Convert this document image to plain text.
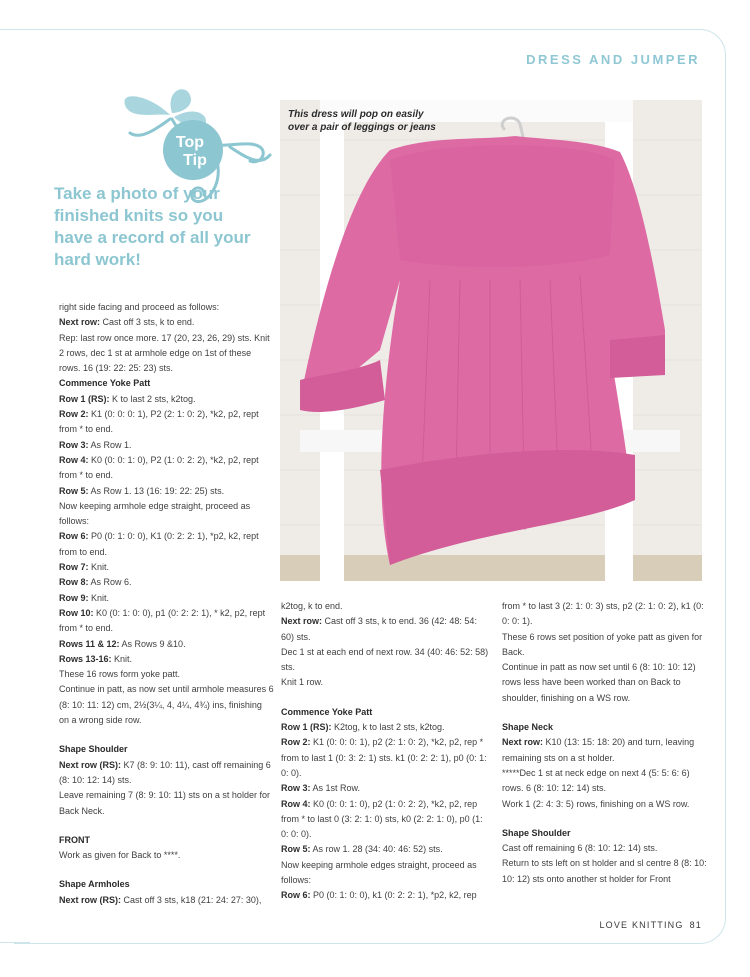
DRESS AND JUMPER
Top
Tip
Take a photo of your finished knits so you have a record of all your hard work!
This dress will pop on easily over a pair of leggings or jeans

right side facing and proceed as follows:

Next row: Cast off 3 sts, k to end.

Rep: last row once more. 17 (20, 23, 26, 29) sts. Knit 2 rows, dec 1 st at armhole edge on 1st of these rows. 16 (19: 22: 25: 23) sts.

Commence Yoke Patt

Row 1 (RS): K to last 2 sts, k2tog.

Row 2: K1 (0: 0: 0: 1), P2 (2: 1: 0: 2), *k2, p2, rept from * to end.

Row 3: As Row 1.

Row 4: K0 (0: 0: 1: 0), P2 (1: 0: 2: 2), *k2, p2, rept from * to end.

Row 5: As Row 1. 13 (16: 19: 22: 25) sts.

Now keeping armhole edge straight, proceed as follows:

Row 6: P0 (0: 1: 0: 0), K1 (0: 2: 2: 1), *p2, k2, rept from to end.

Row 7: Knit.

Row 8: As Row 6.

Row 9: Knit.

Row 10: K0 (0: 1: 0: 0), p1 (0: 2: 2: 1), * k2, p2, rept from * to end.

Rows 11 & 12: As Rows 9 &10.

Rows 13-16: Knit.

These 16 rows form yoke patt.

Continue in patt, as now set until armhole measures 6 (8: 10: 11: 12) cm, 2½(3¼, 4, 4¼, 4¾) ins, finishing on a wrong side row.

Shape Shoulder

Next row (RS): K7 (8: 9: 10: 11), cast off remaining 6 (8: 10: 12: 14) sts.

Leave remaining 7 (8: 9: 10: 11) sts on a st holder for Back Neck.

FRONT

Work as given for Back to ****.

Shape Armholes

Next row (RS): Cast off 3 sts, k18 (21: 24: 27: 30),

k2tog, k to end.

Next row: Cast off 3 sts, k to end. 36 (42: 48: 54: 60) sts.

Dec 1 st at each end of next row. 34 (40: 46: 52: 58) sts.

Knit 1 row.

Commence Yoke Patt

Row 1 (RS): K2tog, k to last 2 sts, k2tog.

Row 2: K1 (0: 0: 0: 1), p2 (2: 1: 0: 2), *k2, p2, rep * from to last 1 (0: 3: 2: 1) sts. k1 (0: 2: 2: 1), p0 (0: 1: 0: 0).

Row 3: As 1st Row.

Row 4: K0 (0: 0: 1: 0), p2 (1: 0: 2: 2), *k2, p2, rep from * to last 0 (3: 2: 1: 0) sts, k0 (2: 2: 1: 0), p0 (1: 0: 0: 0).

Row 5: As row 1. 28 (34: 40: 46: 52) sts.

Now keeping armhole edges straight, proceed as follows:

Row 6: P0 (0: 1: 0: 0), k1 (0: 2: 2: 1), *p2, k2, rep

from * to last 3 (2: 1: 0: 3) sts, p2 (2: 1: 0: 2), k1 (0: 0: 0: 1).

These 6 rows set position of yoke patt as given for Back.

Continue in patt as now set until 6 (8: 10: 10: 12) rows less have been worked than on Back to shoulder, finishing on a WS row.

Shape Neck

Next row: K10 (13: 15: 18: 20) and turn, leaving remaining sts on a st holder.

*****Dec 1 st at neck edge on next 4 (5: 5: 6: 6) rows. 6 (8: 10: 12: 14) sts.

Work 1 (2: 4: 3: 5) rows, finishing on a WS row.

Shape Shoulder

Cast off remaining 6 (8: 10: 12: 14) sts.

Return to sts left on st holder and sl centre 8 (8: 10: 10: 12) sts onto another st holder for Front

LOVE KNITTING 81
